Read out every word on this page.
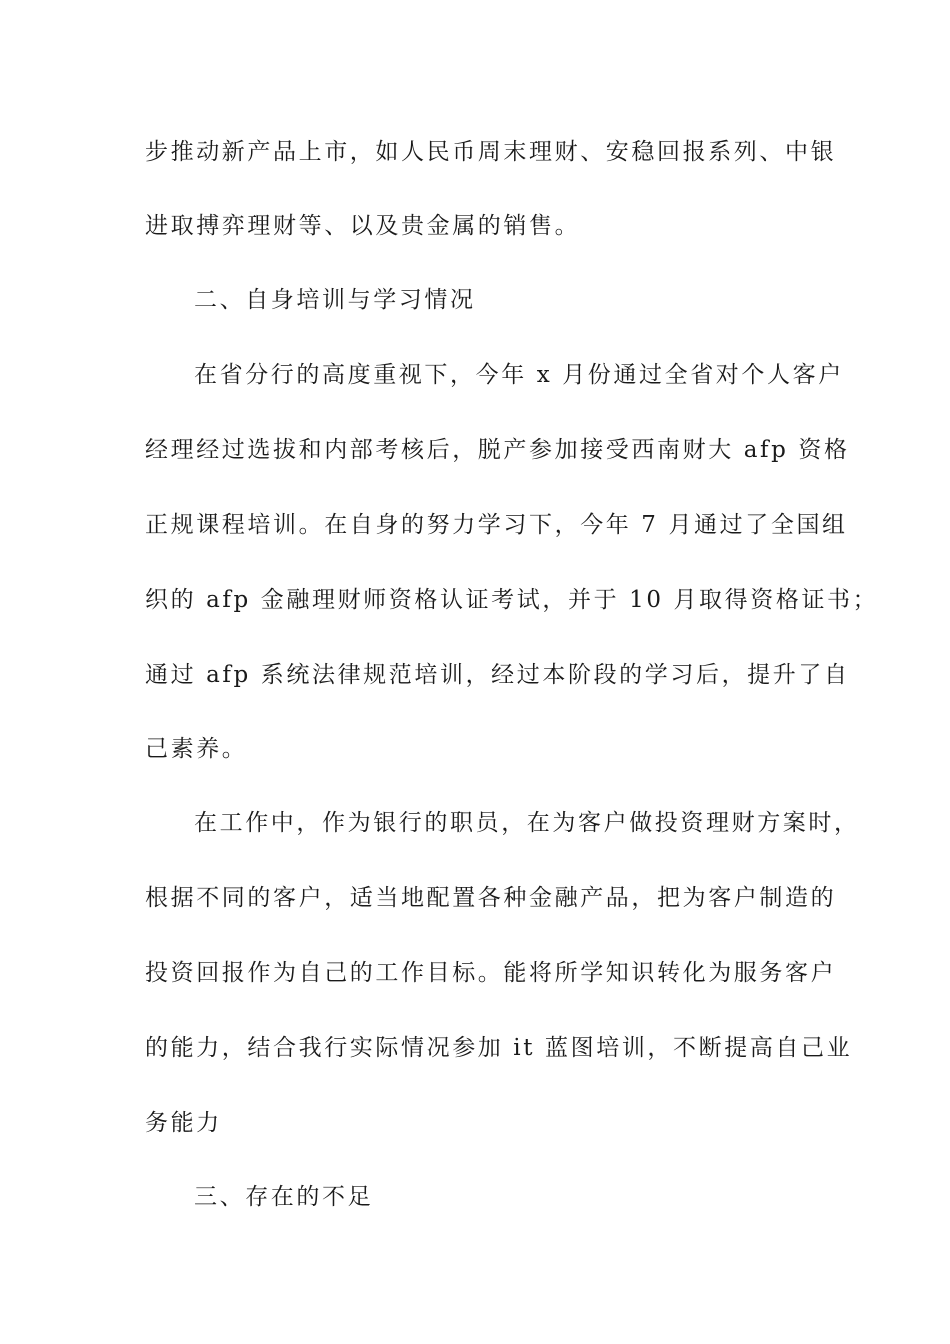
步推动新产品上市，如人民币周末理财、安稳回报系列、中银
进取搏弈理财等、以及贵金属的销售。
二、自身培训与学习情况
在省分行的高度重视下，今年 x 月份通过全省对个人客户
经理经过选拔和内部考核后，脱产参加接受西南财大 afp 资格
正规课程培训。在自身的努力学习下，今年 7 月通过了全国组
织的 afp 金融理财师资格认证考试，并于 10 月取得资格证书；
通过 afp 系统法律规范培训，经过本阶段的学习后，提升了自
己素养。
在工作中，作为银行的职员，在为客户做投资理财方案时，
根据不同的客户，适当地配置各种金融产品，把为客户制造的
投资回报作为自己的工作目标。能将所学知识转化为服务客户
的能力，结合我行实际情况参加 it 蓝图培训，不断提高自己业
务能力
三、存在的不足
